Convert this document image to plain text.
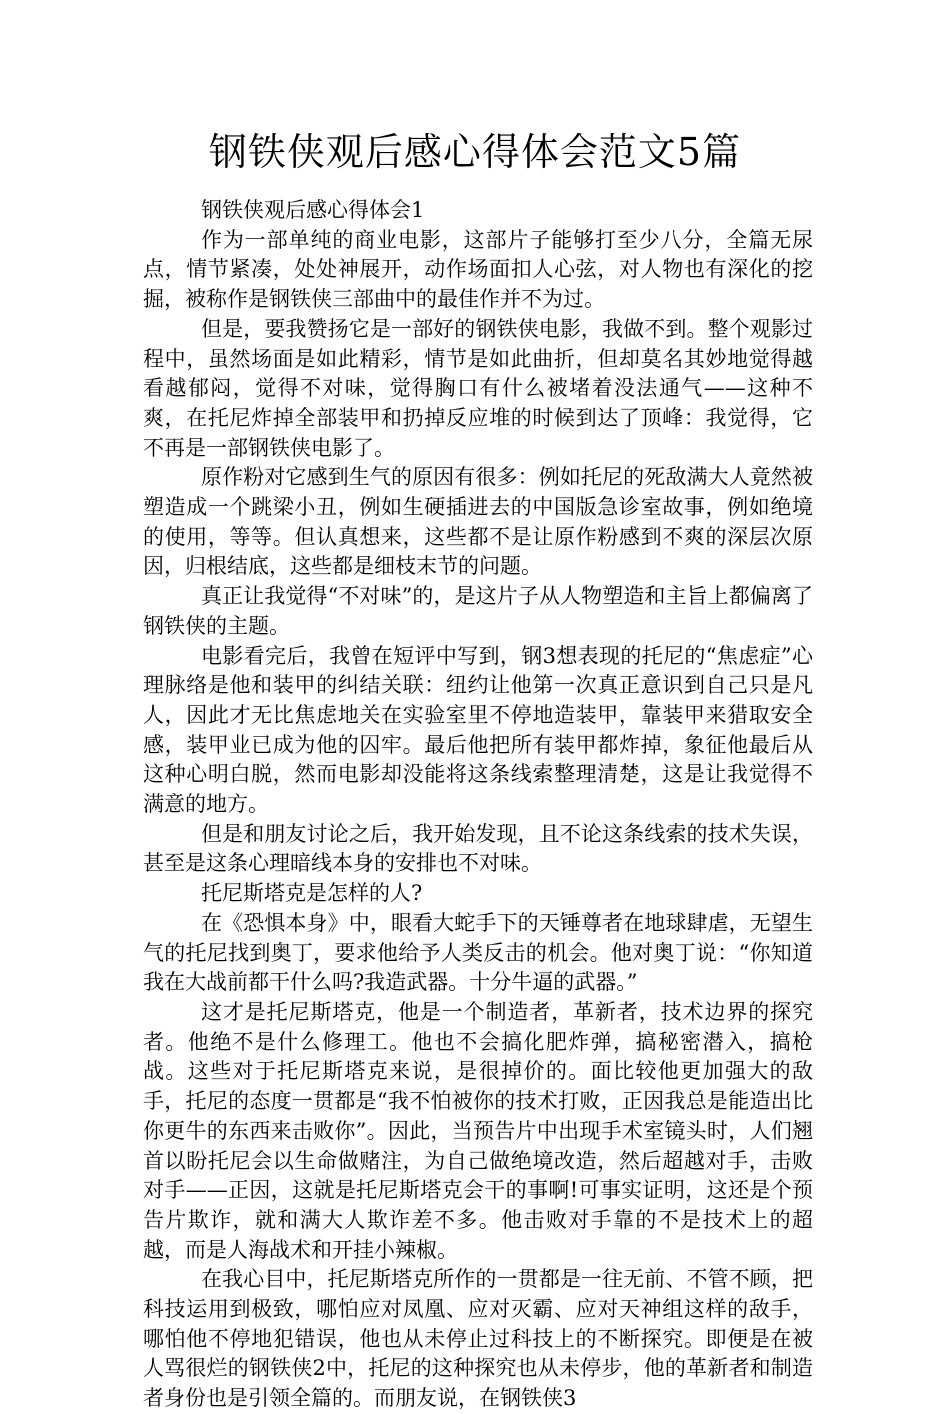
钢铁侠观后感心得体会范文5篇

钢铁侠观后感心得体会1

作为一部单纯的商业电影，这部片子能够打至少八分，全篇无尿点，情节紧凑，处处神展开，动作场面扣人心弦，对人物也有深化的挖掘，被称作是钢铁侠三部曲中的最佳作并不为过。

但是，要我赞扬它是一部好的钢铁侠电影，我做不到。整个观影过程中，虽然场面是如此精彩，情节是如此曲折，但却莫名其妙地觉得越看越郁闷，觉得不对味，觉得胸口有什么被堵着没法通气——这种不爽，在托尼炸掉全部装甲和扔掉反应堆的时候到达了顶峰：我觉得，它不再是一部钢铁侠电影了。

原作粉对它感到生气的原因有很多：例如托尼的死敌满大人竟然被塑造成一个跳梁小丑，例如生硬插进去的中国版急诊室故事，例如绝境的使用，等等。但认真想来，这些都不是让原作粉感到不爽的深层次原因，归根结底，这些都是细枝末节的问题。

真正让我觉得“不对味”的，是这片子从人物塑造和主旨上都偏离了钢铁侠的主题。

电影看完后，我曾在短评中写到，钢3想表现的托尼的“焦虑症”心理脉络是他和装甲的纠结关联：纽约让他第一次真正意识到自己只是凡人，因此才无比焦虑地关在实验室里不停地造装甲，靠装甲来猎取安全感，装甲业已成为他的囚牢。最后他把所有装甲都炸掉，象征他最后从这种心明白脱，然而电影却没能将这条线索整理清楚，这是让我觉得不满意的地方。

但是和朋友讨论之后，我开始发现，且不论这条线索的技术失误，甚至是这条心理暗线本身的安排也不对味。

托尼斯塔克是怎样的人?

在《恐惧本身》中，眼看大蛇手下的天锤尊者在地球肆虐，无望生气的托尼找到奥丁，要求他给予人类反击的机会。他对奥丁说：“你知道我在大战前都干什么吗?我造武器。十分牛逼的武器。”

这才是托尼斯塔克，他是一个制造者，革新者，技术边界的探究者。他绝不是什么修理工。他也不会搞化肥炸弹，搞秘密潜入，搞枪战。这些对于托尼斯塔克来说，是很掉价的。面比较他更加强大的敌手，托尼的态度一贯都是“我不怕被你的技术打败，正因我总是能造出比你更牛的东西来击败你”。因此，当预告片中出现手术室镜头时，人们翘首以盼托尼会以生命做赌注，为自己做绝境改造，然后超越对手，击败对手——正因，这就是托尼斯塔克会干的事啊!可事实证明，这还是个预告片欺诈，就和满大人欺诈差不多。他击败对手靠的不是技术上的超越，而是人海战术和开挂小辣椒。

在我心目中，托尼斯塔克所作的一贯都是一往无前、不管不顾，把科技运用到极致，哪怕应对凤凰、应对灭霸、应对天神组这样的敌手，哪怕他不停地犯错误，他也从未停止过科技上的不断探究。即便是在被人骂很烂的钢铁侠2中，托尼的这种探究也从未停步，他的革新者和制造者身份也是引领全篇的。而朋友说，在钢铁侠3
